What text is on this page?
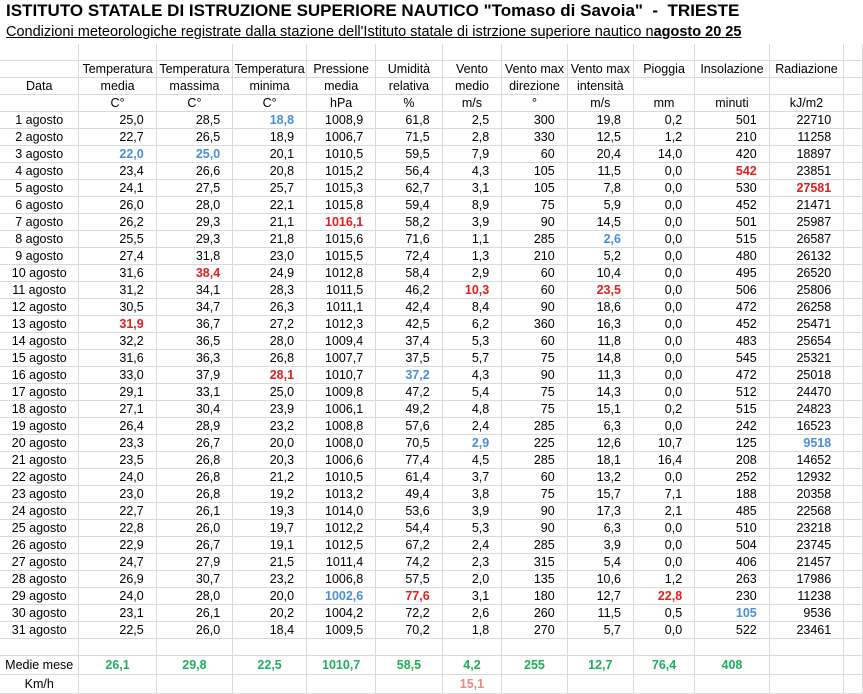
ISTITUTO STATALE DI ISTRUZIONE SUPERIORE NAUTICO "Tomaso di Savoia"  -  TRIESTE
Condizioni meteorologiche registrate dalla stazione dell'Istituto statale di istrzione superiore nautico nagosto 20 25

	Temperatura	Temperatura	Temperatura	Pressione	Umidità	Vento	Vento max	Vento max	Pioggia	Insolazione	Radiazione	
Data	media	massima	minima	media	relativa	medio	direzione	intensità				
	C°	C°	C°	hPa	%	m/s	°	m/s	mm	minuti	kJ/m2	
1 agosto	25,0	28,5	18,8	1008,9	61,8	2,5	300	19,8	0,2	501	22710	
2 agosto	22,7	26,5	18,9	1006,7	71,5	2,8	330	12,5	1,2	210	11258	
3 agosto	22,0	25,0	20,1	1010,5	59,5	7,9	60	20,4	14,0	420	18897	
4 agosto	23,4	26,6	20,8	1015,2	56,4	4,3	105	11,5	0,0	542	23851	
5 agosto	24,1	27,5	25,7	1015,3	62,7	3,1	105	7,8	0,0	530	27581	
6 agosto	26,0	28,0	22,1	1015,8	59,4	8,9	75	5,9	0,0	452	21471	
7 agosto	26,2	29,3	21,1	1016,1	58,2	3,9	90	14,5	0,0	501	25987	
8 agosto	25,5	29,3	21,8	1015,6	71,6	1,1	285	2,6	0,0	515	26587	
9 agosto	27,4	31,8	23,0	1015,5	72,4	1,3	210	5,2	0,0	480	26132	
10 agosto	31,6	38,4	24,9	1012,8	58,4	2,9	60	10,4	0,0	495	26520	
11 agosto	31,2	34,1	28,3	1011,5	46,2	10,3	60	23,5	0,0	506	25806	
12 agosto	30,5	34,7	26,3	1011,1	42,4	8,4	90	18,6	0,0	472	26258	
13 agosto	31,9	36,7	27,2	1012,3	42,5	6,2	360	16,3	0,0	452	25471	
14 agosto	32,2	36,5	28,0	1009,4	37,4	5,3	60	11,8	0,0	483	25654	
15 agosto	31,6	36,3	26,8	1007,7	37,5	5,7	75	14,8	0,0	545	25321	
16 agosto	33,0	37,9	28,1	1010,7	37,2	4,3	90	11,3	0,0	472	25018	
17 agosto	29,1	33,1	25,0	1009,8	47,2	5,4	75	14,3	0,0	512	24470	
18 agosto	27,1	30,4	23,9	1006,1	49,2	4,8	75	15,1	0,2	515	24823	
19 agosto	26,4	28,9	23,2	1008,8	57,6	2,4	285	6,3	0,0	242	16523	
20 agosto	23,3	26,7	20,0	1008,0	70,5	2,9	225	12,6	10,7	125	9518	
21 agosto	23,5	26,8	20,3	1006,6	77,4	4,5	285	18,1	16,4	208	14652	
22 agosto	24,0	26,8	21,2	1010,5	61,4	3,7	60	13,2	0,0	252	12932	
23 agosto	23,0	26,8	19,2	1013,2	49,4	3,8	75	15,7	7,1	188	20358	
24 agosto	22,7	26,1	19,3	1014,0	53,6	3,9	90	17,3	2,1	485	22568	
25 agosto	22,8	26,0	19,7	1012,2	54,4	5,3	90	6,3	0,0	510	23218	
26 agosto	22,9	26,7	19,1	1012,5	67,2	2,4	285	3,9	0,0	504	23745	
27 agosto	24,7	27,9	21,5	1011,4	74,2	2,3	315	5,4	0,0	406	21457	
28 agosto	26,9	30,7	23,2	1006,8	57,5	2,0	135	10,6	1,2	263	17986	
29 agosto	24,0	28,0	20,0	1002,6	77,6	3,1	180	12,7	22,8	230	11238	
30 agosto	23,1	26,1	20,2	1004,2	72,2	2,6	260	11,5	0,5	105	9536	
31 agosto	22,5	26,0	18,4	1009,5	70,2	1,8	270	5,7	0,0	522	23461	

Medie mese	26,1	29,8	22,5	1010,7	58,5	4,2	255	12,7	76,4	408		
Km/h						15,1						
